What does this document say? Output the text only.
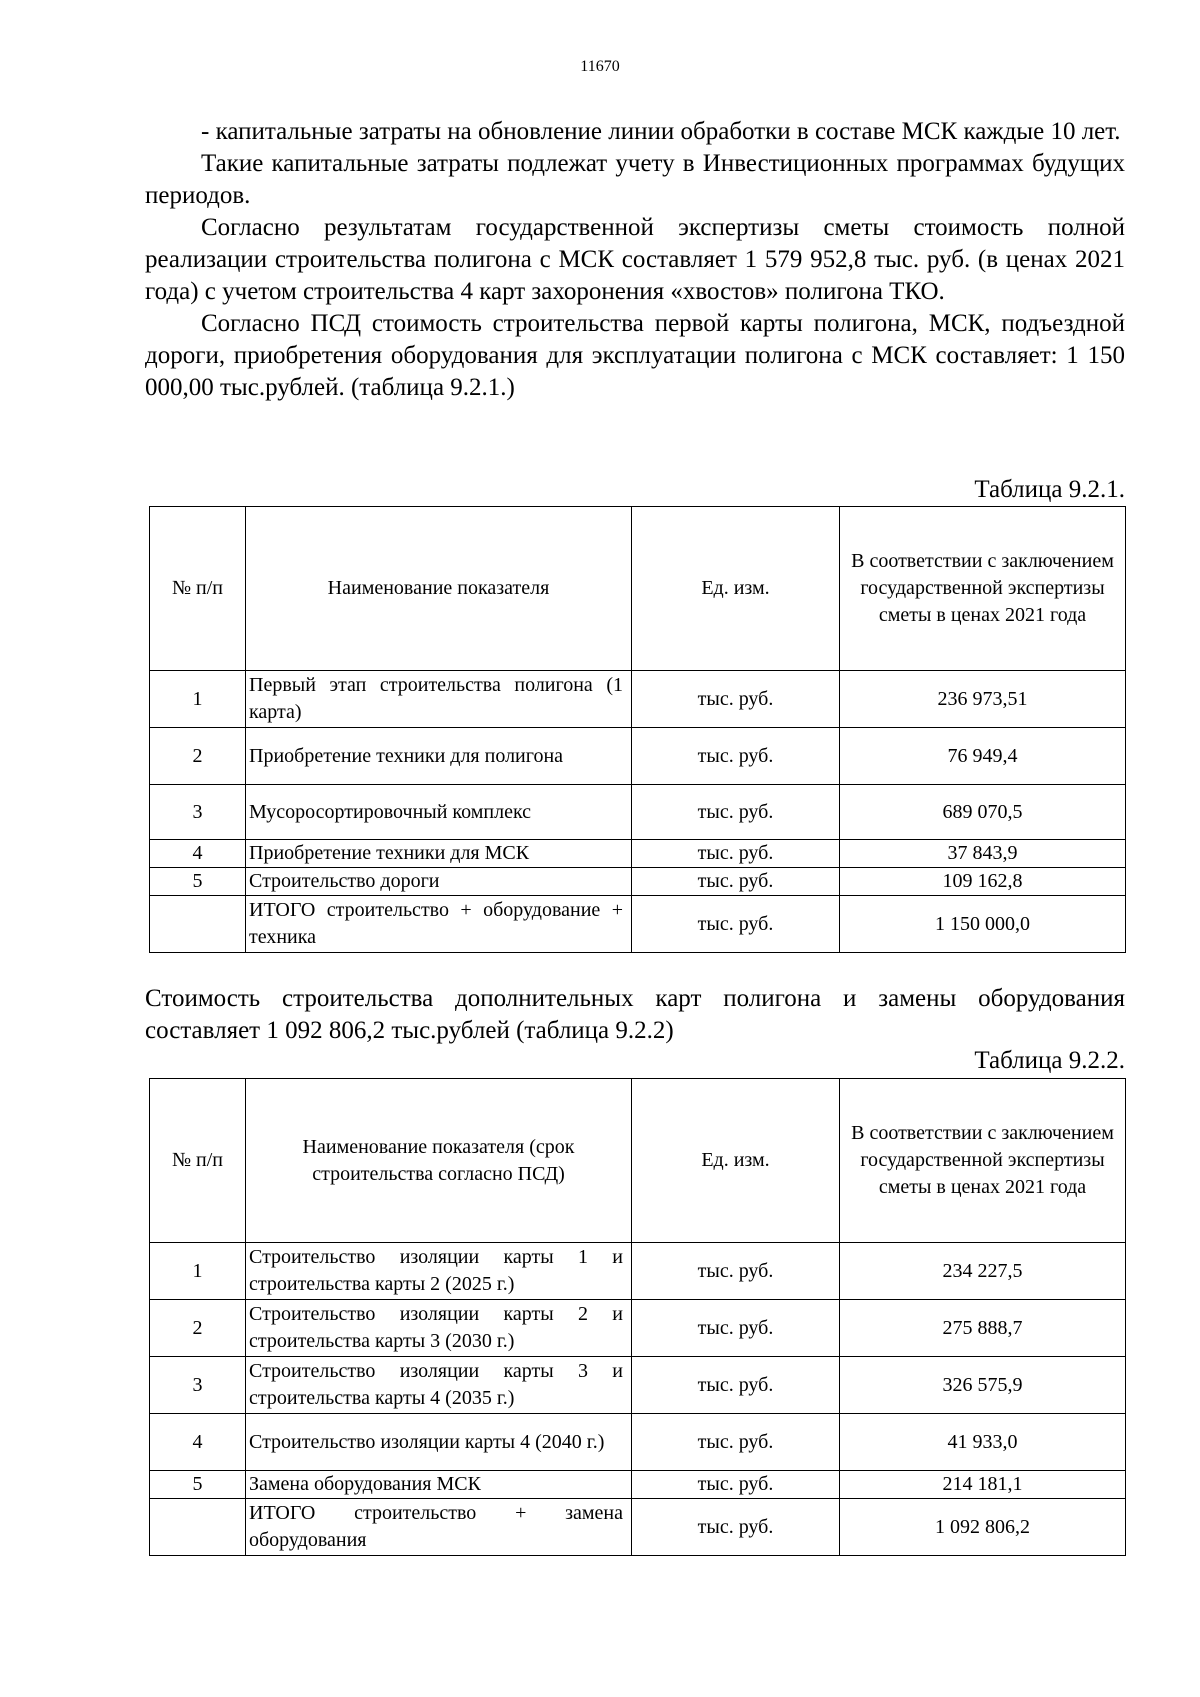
11670

- капитальные затраты на обновление линии обработки в составе МСК каждые 10 лет.

Такие капитальные затраты подлежат учету в Инвестиционных программах будущих периодов.

Согласно результатам государственной экспертизы сметы стоимость полной реализации строительства полигона с МСК составляет 1 579 952,8 тыс. руб. (в ценах 2021 года) с учетом строительства 4 карт захоронения «хвостов» полигона ТКО.

Согласно ПСД стоимость строительства первой карты полигона, МСК, подъездной дороги, приобретения оборудования для эксплуатации полигона с МСК составляет: 1 150 000,00 тыс.рублей. (таблица 9.2.1.)

Таблица 9.2.1.
№ п/п	Наименование показателя	Ед. изм.	В соответствии с заключением государственной экспертизы сметы в ценах 2021 года
1	Первый этап строительства полигона (1 карта)	тыс. руб.	236 973,51
2	Приобретение техники для полигона	тыс. руб.	76 949,4
3	Мусоросортировочный комплекс	тыс. руб.	689 070,5
4	Приобретение техники для МСК	тыс. руб.	37 843,9
5	Строительство дороги	тыс. руб.	109 162,8
	ИТОГО строительство + оборудование + техника	тыс. руб.	1 150 000,0

Стоимость строительства дополнительных карт полигона и замены оборудования составляет 1 092 806,2 тыс.рублей (таблица 9.2.2)

Таблица 9.2.2.
№ п/п	Наименование показателя (срок строительства согласно ПСД)	Ед. изм.	В соответствии с заключением государственной экспертизы сметы в ценах 2021 года
1	Строительство изоляции карты 1 и строительства карты 2 (2025 г.)	тыс. руб.	234 227,5
2	Строительство изоляции карты 2 и строительства карты 3 (2030 г.)	тыс. руб.	275 888,7
3	Строительство изоляции карты 3 и строительства карты 4 (2035 г.)	тыс. руб.	326 575,9
4	Строительство изоляции карты 4 (2040 г.)	тыс. руб.	41 933,0
5	Замена оборудования МСК	тыс. руб.	214 181,1
	ИТОГО строительство + замена оборудования	тыс. руб.	1 092 806,2
